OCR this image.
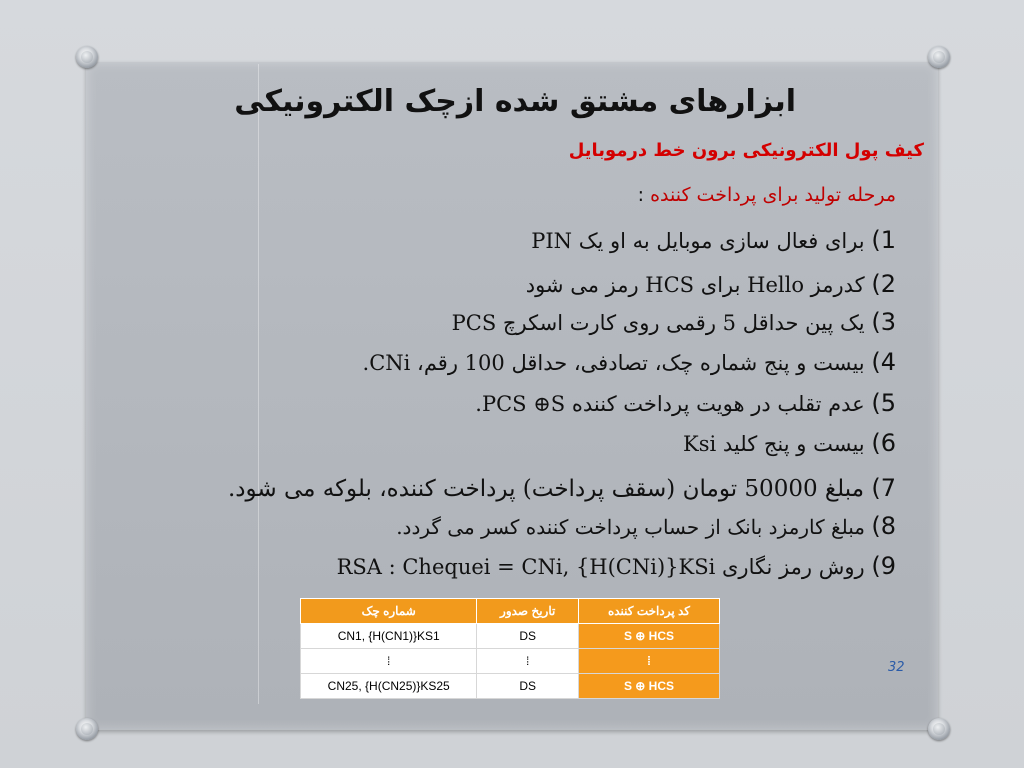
ابزارهای مشتق شده ازچک الکترونیکی
کیف پول الکترونیکی برون خط درموبایل
مرحله تولید برای پرداخت کننده :
1) برای فعال سازی موبایل به او یک PIN
2) کدرمز Hello برای HCS رمز می شود
3) یک پین حداقل 5 رقمی روی کارت اسکرچ PCS
4) بیست و پنج شماره چک، تصادفی، حداقل 100 رقم، CNi.
5) عدم تقلب در هویت پرداخت کننده PCS ⊕S.
6) بیست و پنج کلید Ksi
7) مبلغ 50000 تومان (سقف پرداخت) پرداخت کننده، بلوکه می شود.
8) مبلغ کارمزد بانک از حساب پرداخت کننده کسر می گردد.
9) روش رمز نگاری RSA : Chequei = CNi, {H(CNi)}KSi
کد پرداخت کننده	تاریخ صدور	شماره چک
S ⊕ HCS	DS	CN1, {H(CN1)}KS1
⁞	⁞	⁞
S ⊕ HCS	DS	CN25, {H(CN25)}KS25
32
